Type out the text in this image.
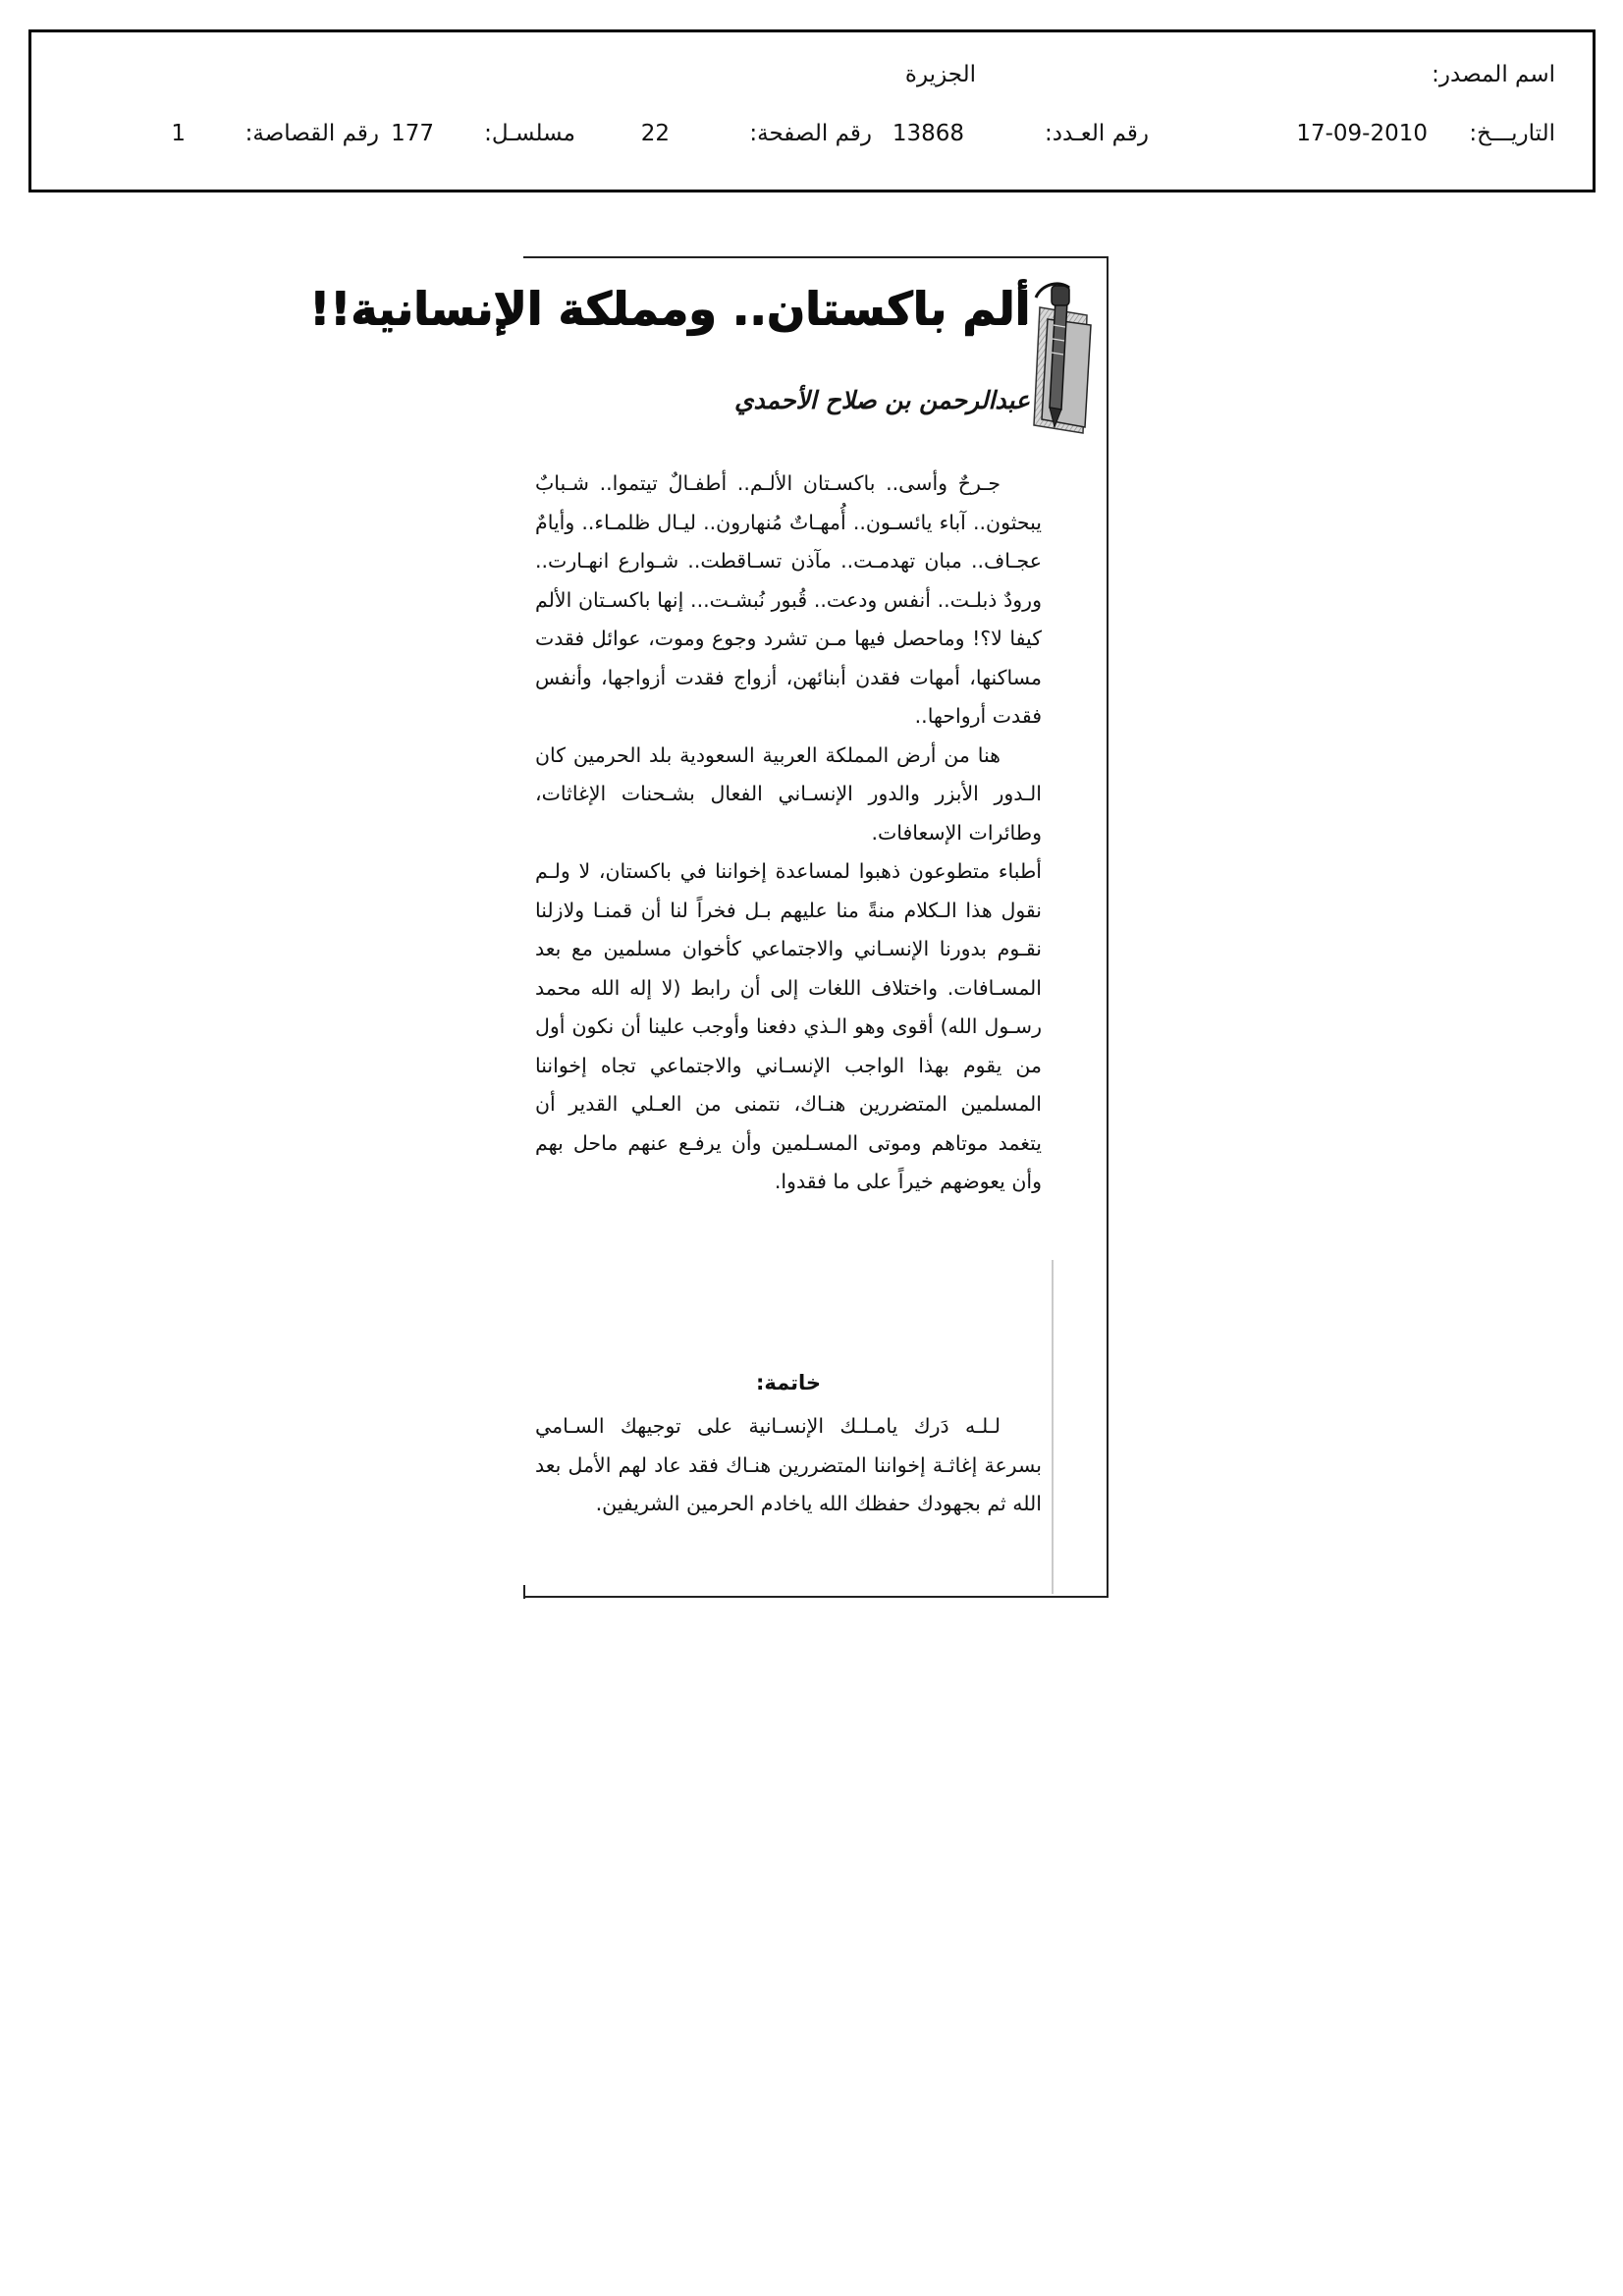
اسم المصدر:
الجزيرة
التاريـــخ:
17-09-2010
رقم العـدد:
13868
رقم الصفحة:
22
مسلسـل:
177
رقم القصاصة:
1
ألم باكستان.. ومملكة الإنسانية!!
عبدالرحمن بن صلاح الأحمدي

جـرحٌ وأسى.. باكسـتان الألـم.. أطفـالٌ تيتموا.. شـبابٌ يبحثون.. آباء يائسـون.. أُمهـاتٌ مُنهارون.. ليـال ظلمـاء.. وأيامٌ عجـاف.. مبان تهدمـت.. مآذن تسـاقطت.. شـوارع انهـارت.. ورودٌ ذبلـت.. أنفس ودعت.. قُبور نُبشـت... إنها باكسـتان الألم كيفا لا؟! وماحصل فيها مـن تشرد وجوع وموت، عوائل فقدت مساكنها، أمهات فقدن أبنائهن، أزواج فقدت أزواجها، وأنفس فقدت أرواحها..

هنا من أرض المملكة العربية السعودية بلد الحرمين كان الـدور الأبزر والدور الإنسـاني الفعال بشـحنات الإغاثات، وطائرات الإسعافات.

أطباء متطوعون ذهبوا لمساعدة إخواننا في باكستان، لا ولـم نقول هذا الـكلام منةً منا عليهم بـل فخراً لنا أن قمنـا ولازلنا نقـوم بدورنا الإنسـاني والاجتماعي كأخوان مسلمين مع بعد المسـافات. واختلاف اللغات إلى أن رابط (لا إله الله محمد رسـول الله) أقوى وهو الـذي دفعنا وأوجب علينا أن نكون أول من يقوم بهذا الواجب الإنسـاني والاجتماعي تجاه إخواننا المسلمين المتضررين هنـاك، نتمنى من العـلي القدير أن يتغمد موتاهم وموتى المسـلمين وأن يرفـع عنهم ماحل بهم وأن يعوضهم خيراً على ما فقدوا.

خاتمة:

لـلـه دَرك يامـلـك الإنسـانية على توجيهك السـامي بسرعة إغاثـة إخواننا المتضررين هنـاك فقد عاد لهم الأمل بعد الله ثم بجهودك حفظك الله ياخادم الحرمين الشريفين.
